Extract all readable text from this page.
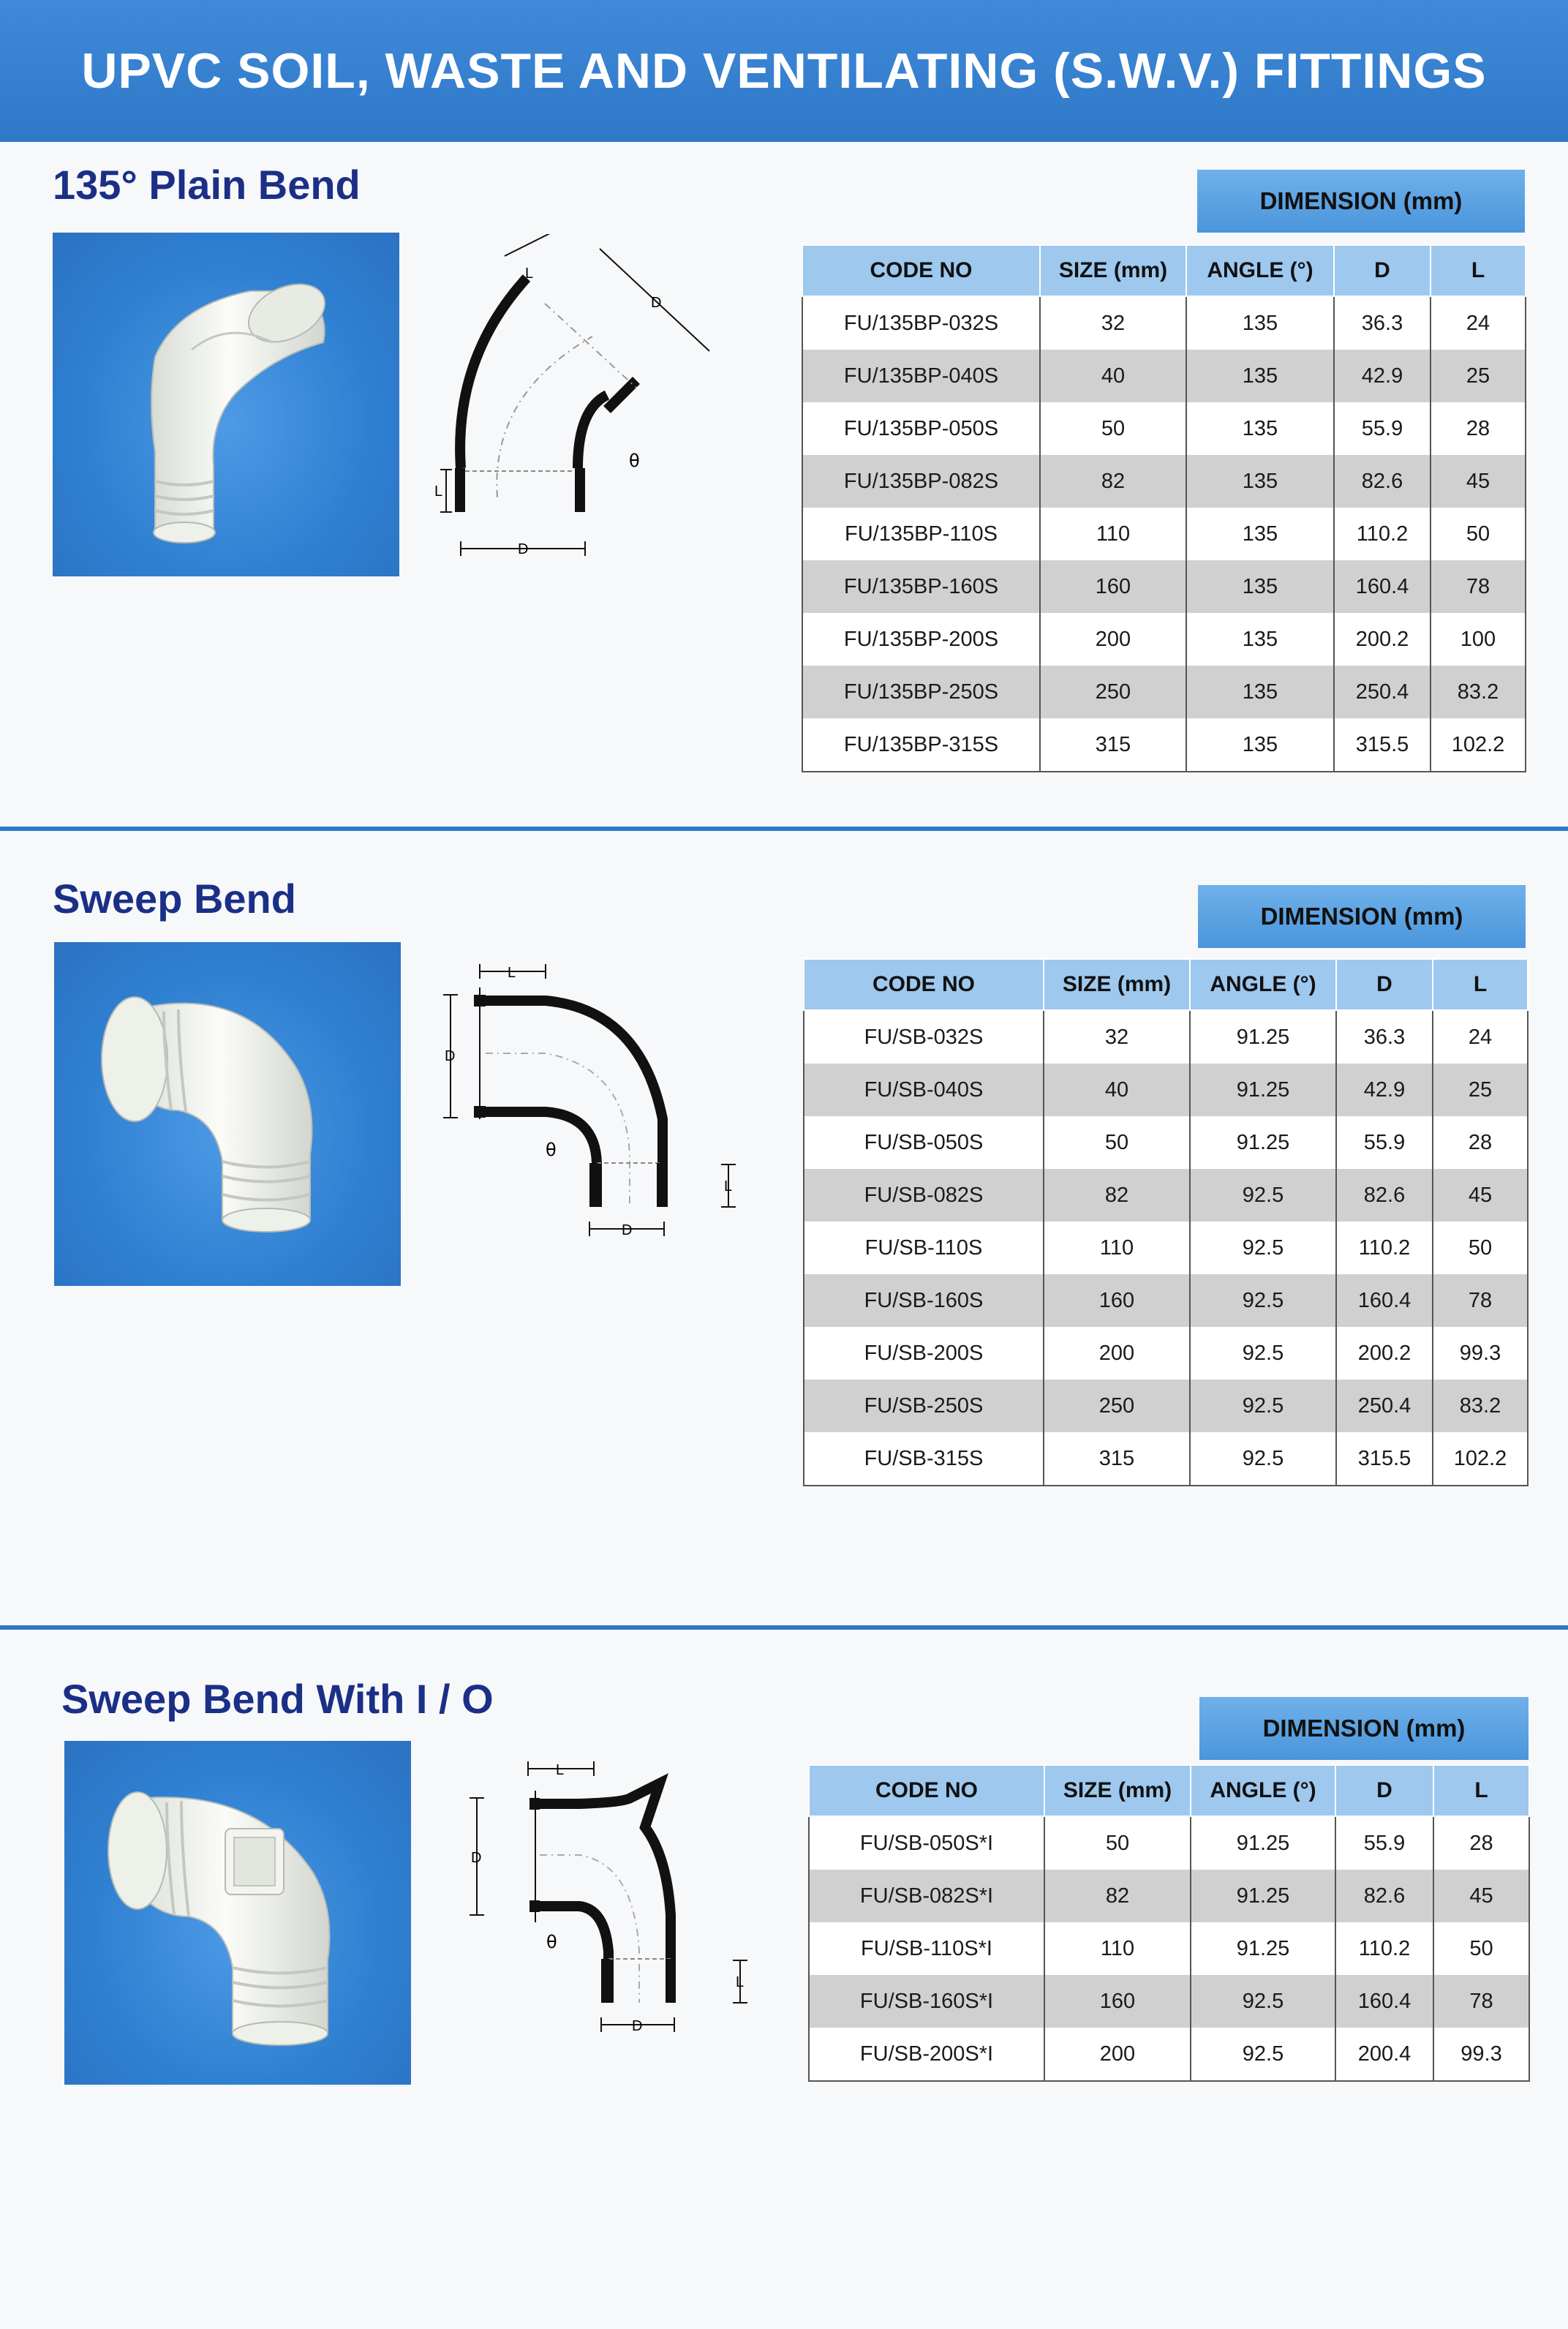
UPVC SOIL, WASTE AND VENTILATING (S.W.V.) FITTINGS
135° Plain Bend
L
D
L
D
θ
DIMENSION (mm)
CODE NO	SIZE (mm)	ANGLE (°)	D	L
FU/135BP-032S	32	135	36.3	24
FU/135BP-040S	40	135	42.9	25
FU/135BP-050S	50	135	55.9	28
FU/135BP-082S	82	135	82.6	45
FU/135BP-110S	110	135	110.2	50
FU/135BP-160S	160	135	160.4	78
FU/135BP-200S	200	135	200.2	100
FU/135BP-250S	250	135	250.4	83.2
FU/135BP-315S	315	135	315.5	102.2
Sweep Bend
D
L
D
L
θ
DIMENSION (mm)
CODE NO	SIZE (mm)	ANGLE (°)	D	L
FU/SB-032S	32	91.25	36.3	24
FU/SB-040S	40	91.25	42.9	25
FU/SB-050S	50	91.25	55.9	28
FU/SB-082S	82	92.5	82.6	45
FU/SB-110S	110	92.5	110.2	50
FU/SB-160S	160	92.5	160.4	78
FU/SB-200S	200	92.5	200.2	99.3
FU/SB-250S	250	92.5	250.4	83.2
FU/SB-315S	315	92.5	315.5	102.2
Sweep Bend With I / O
D
L
D
L
θ
DIMENSION (mm)
CODE NO	SIZE (mm)	ANGLE (°)	D	L
FU/SB-050S*I	50	91.25	55.9	28
FU/SB-082S*I	82	91.25	82.6	45
FU/SB-110S*I	110	91.25	110.2	50
FU/SB-160S*I	160	92.5	160.4	78
FU/SB-200S*I	200	92.5	200.4	99.3
